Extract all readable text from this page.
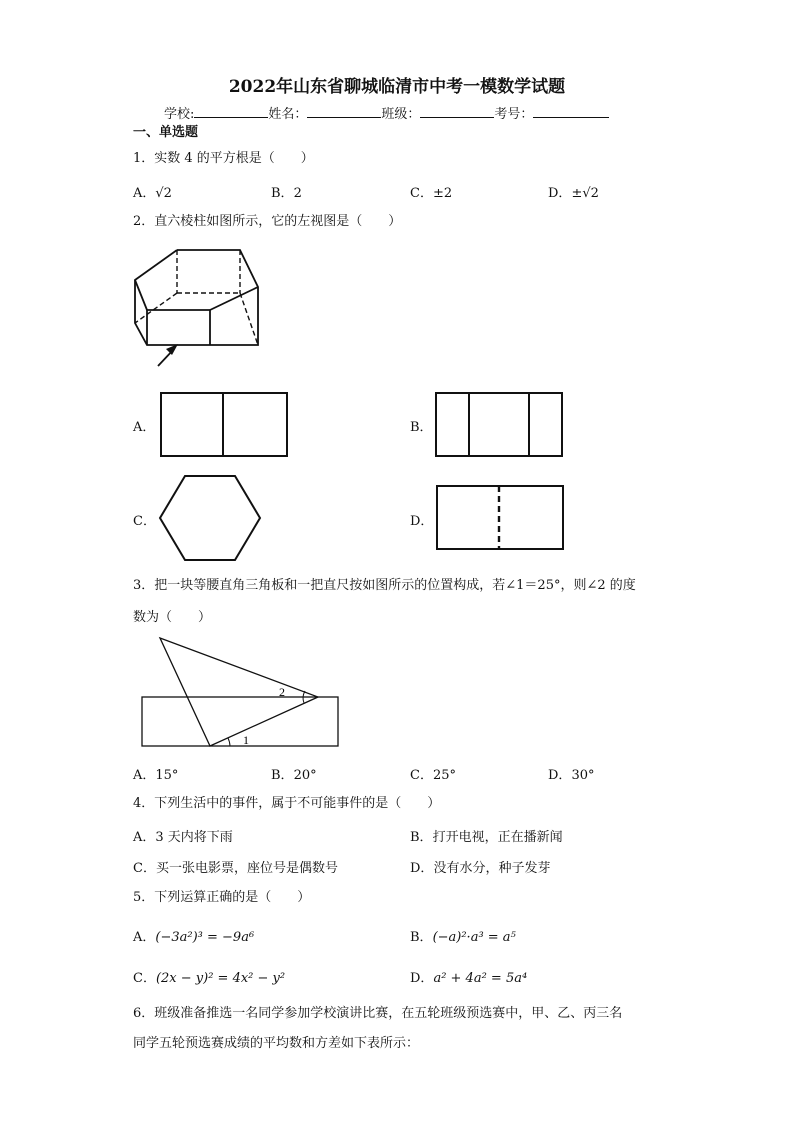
2022年山东省聊城临清市中考一模数学试题
学校:	姓名：	班级：	考号：
一、单选题
1．实数 4 的平方根是（　　）
A．√2	B．2	C．±2	D．±√2
2．直六棱柱如图所示，它的左视图是（　　）
A．	B．
C．	D．
3．把一块等腰直角三角板和一把直尺按如图所示的位置构成，若∠1＝25°，则∠2 的度
数为（　　）
1
2
A．15°	B．20°	C．25°	D．30°
4．下列生活中的事件，属于不可能事件的是（　　）
A．3 天内将下雨	B．打开电视，正在播新闻
C．买一张电影票，座位号是偶数号	D．没有水分，种子发芽
5．下列运算正确的是（　　）
A．(−3a²)³ = −9a⁶	B．(−a)²·a³ = a⁵
C．(2x − y)² = 4x² − y²	D．a² + 4a² = 5a⁴
6．班级准备推选一名同学参加学校演讲比赛，在五轮班级预选赛中，甲、乙、丙三名
同学五轮预选赛成绩的平均数和方差如下表所示：
